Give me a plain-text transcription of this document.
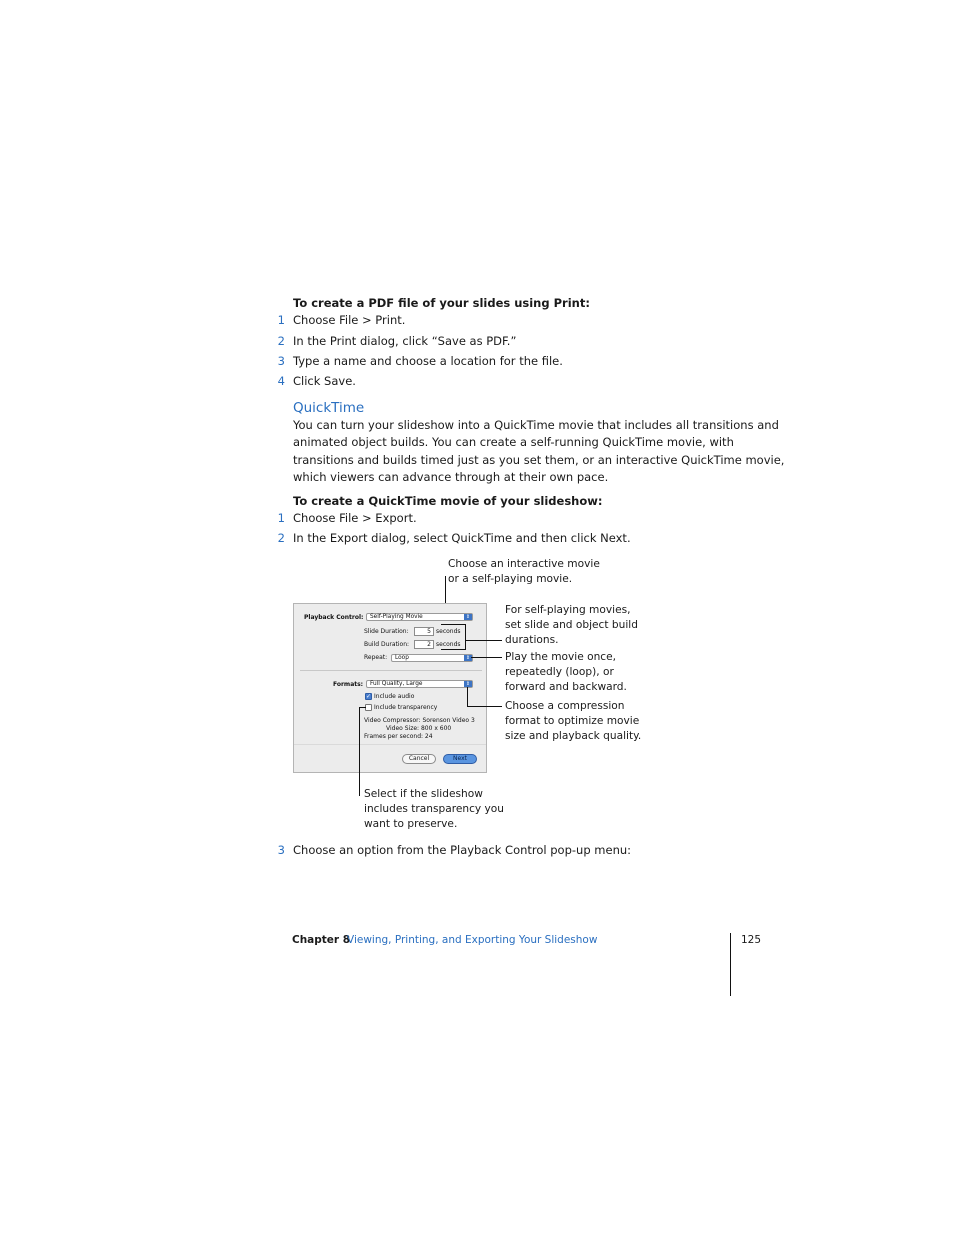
To create a PDF file of your slides using Print:
1 Choose File > Print.
2 In the Print dialog, click “Save as PDF.”
3 Type a name and choose a location for the file.
4 Click Save.
QuickTime
You can turn your slideshow into a QuickTime movie that includes all transitions and
animated object builds. You can create a self-running QuickTime movie, with
transitions and builds timed just as you set them, or an interactive QuickTime movie,
which viewers can advance through at their own pace.
To create a QuickTime movie of your slideshow:
1 Choose File > Export.
2 In the Export dialog, select QuickTime and then click Next.
Choose an interactive movie
or a self-playing movie.
Playback Control:	Self-Playing Movie	⇕
Slide Duration:	5 seconds
Build Duration:	2 seconds
Repeat:	Loop	⇕
Formats:	Full Quality, Large	⇕
✓ Include audio
Include transparency
Video Compressor: Sorenson Video 3
Video Size: 800 x 600
Frames per second: 24
Cancel	Next
For self-playing movies,
set slide and object build
durations.
Play the movie once,
repeatedly (loop), or
forward and backward.
Choose a compression
format to optimize movie
size and playback quality.
Select if the slideshow
includes transparency you
want to preserve.
3 Choose an option from the Playback Control pop-up menu:
Chapter 8
Viewing, Printing, and Exporting Your Slideshow	125
